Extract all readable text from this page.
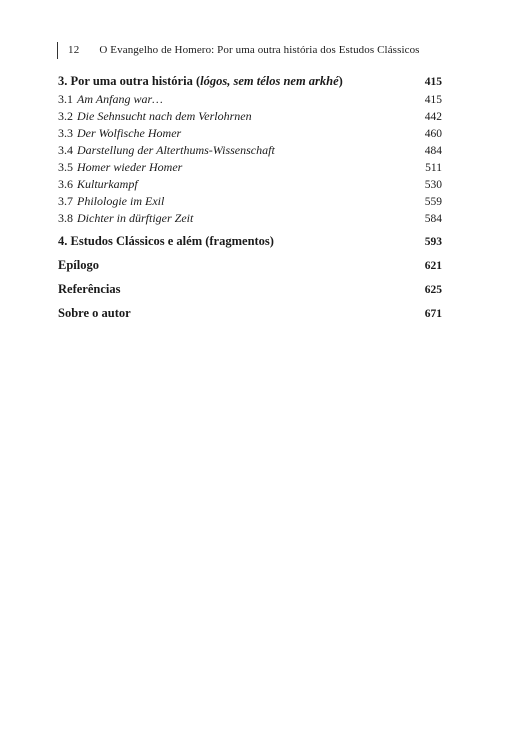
12 O Evangelho de Homero: Por uma outra história dos Estudos Clássicos
3. Por uma outra história (lógos, sem télos nem arkhé)	415
3.1 Am Anfang war…	415
3.2 Die Sehnsucht nach dem Verlohrnen	442
3.3 Der Wolfische Homer	460
3.4 Darstellung der Alterthums-Wissenschaft	484
3.5 Homer wieder Homer	511
3.6 Kulturkampf	530
3.7 Philologie im Exil	559
3.8 Dichter in dürftiger Zeit	584
4. Estudos Clássicos e além (fragmentos)	593
Epílogo	621
Referências	625
Sobre o autor	671
